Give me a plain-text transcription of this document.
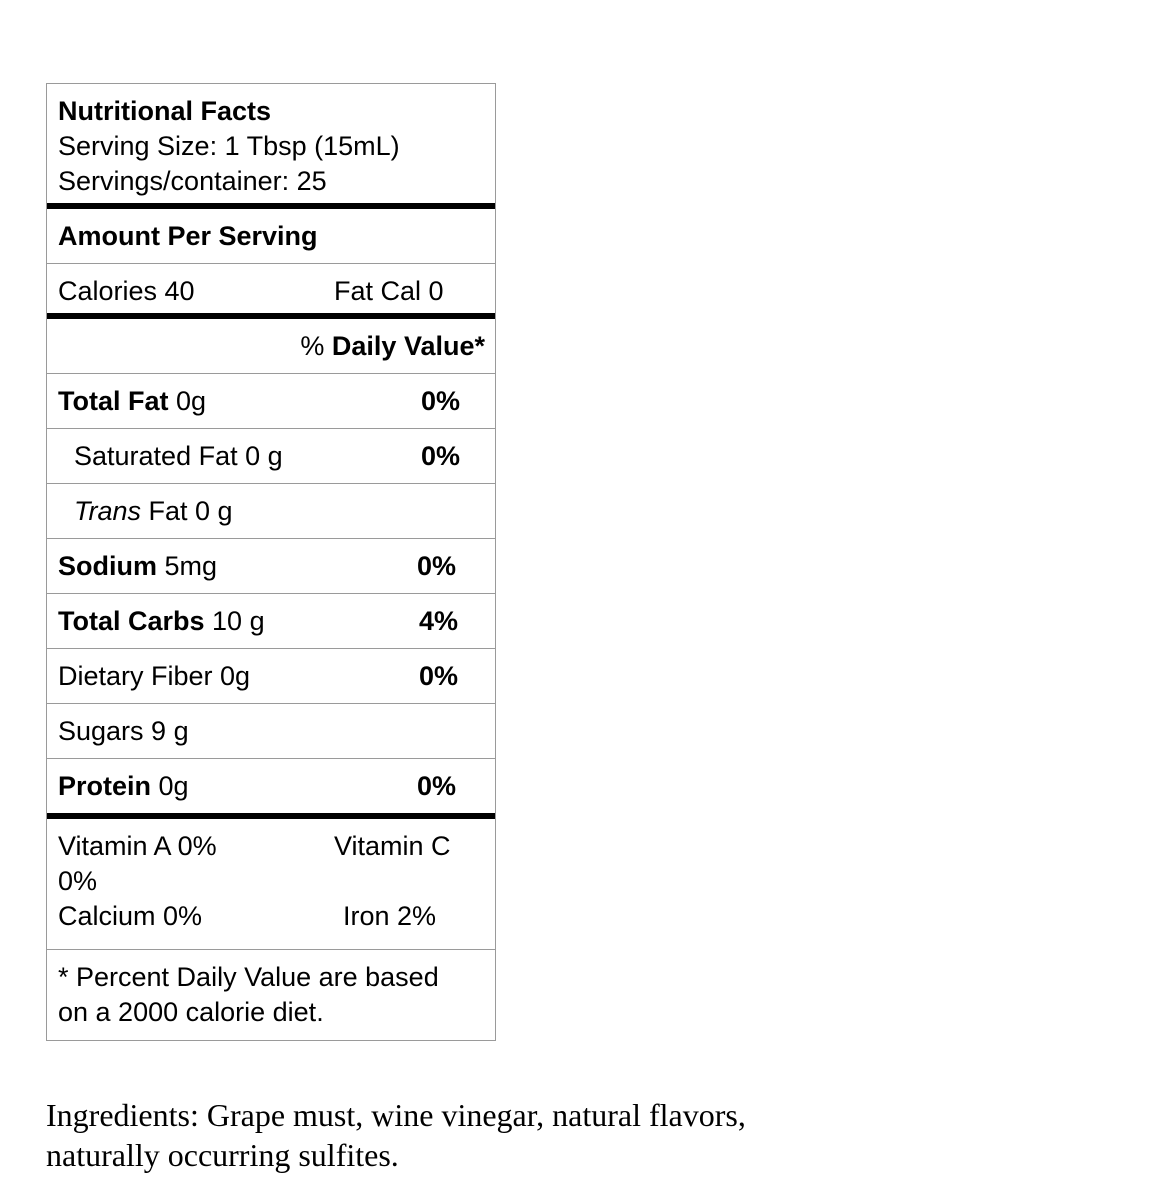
Nutritional Facts
Serving Size: 1 Tbsp (15mL)
Servings/container: 25
Amount Per Serving
Calories 40	Fat Cal 0
% Daily Value*
Total Fat 0g	0%
Saturated Fat 0 g	0%
Trans Fat 0 g
Sodium 5mg	0%
Total Carbs 10 g	4%
Dietary Fiber 0g	0%
Sugars 9 g
Protein 0g	0%
Vitamin A 0%	Vitamin C
0%
Calcium 0%	Iron 2%
* Percent Daily Value are based
on a 2000 calorie diet.
Ingredients: Grape must, wine vinegar, natural flavors,
naturally occurring sulfites.
